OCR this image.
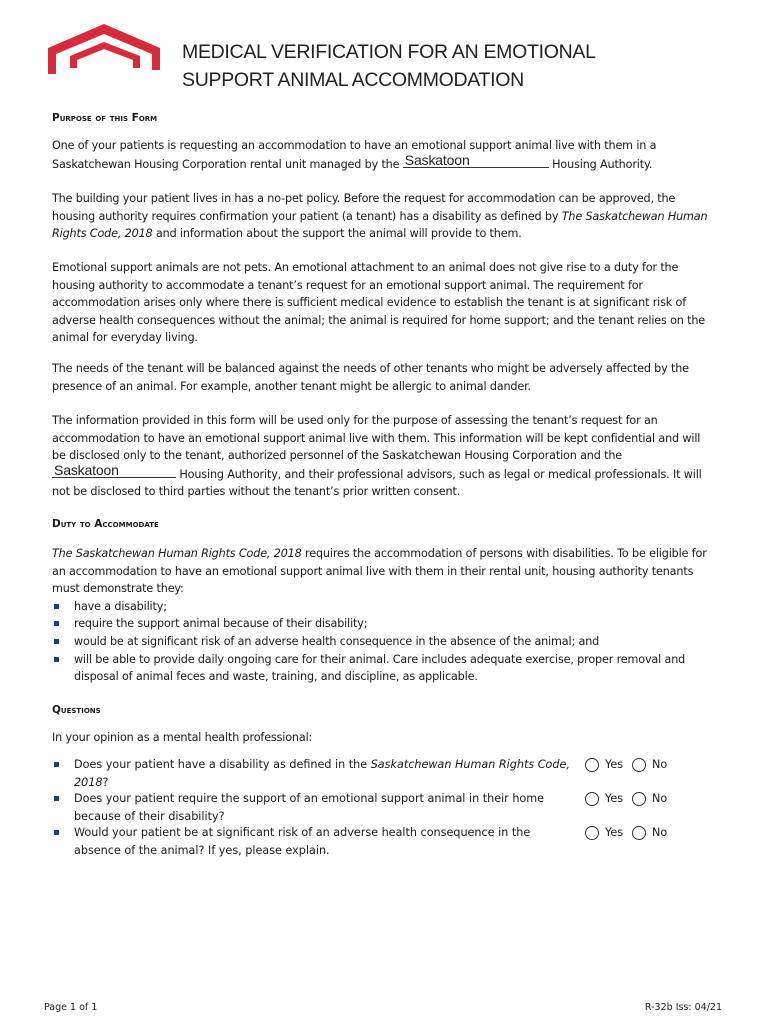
MEDICAL VERIFICATION FOR AN EMOTIONAL
SUPPORT ANIMAL ACCOMMODATION
Purpose of this Form
One of your patients is requesting an accommodation to have an emotional support animal live with them in a
Saskatchewan Housing Corporation rental unit managed by the Saskatoon	Housing Authority.
The building your patient lives in has a no-pet policy. Before the request for accommodation can be approved, the housing authority requires confirmation your patient (a tenant) has a disability as defined by The Saskatchewan Human Rights Code, 2018 and information about the support the animal will provide to them.
Emotional support animals are not pets. An emotional attachment to an animal does not give rise to a duty for the housing authority to accommodate a tenant’s request for an emotional support animal. The requirement for accommodation arises only where there is sufficient medical evidence to establish the tenant is at significant risk of adverse health consequences without the animal; the animal is required for home support; and the tenant relies on the animal for everyday living.
The needs of the tenant will be balanced against the needs of other tenants who might be adversely affected by the presence of an animal. For example, another tenant might be allergic to animal dander.
The information provided in this form will be used only for the purpose of assessing the tenant’s request for an accommodation to have an emotional support animal live with them. This information will be kept confidential and will be disclosed only to the tenant, authorized personnel of the Saskatchewan Housing Corporation and the
Saskatoon	Housing Authority, and their professional advisors, such as legal or medical professionals. It will not be disclosed to third parties without the tenant’s prior written consent.
Duty to Accommodate
The Saskatchewan Human Rights Code, 2018 requires the accommodation of persons with disabilities. To be eligible for an accommodation to have an emotional support animal live with them in their rental unit, housing authority tenants must demonstrate they:
have a disability;
require the support animal because of their disability;
would be at significant risk of an adverse health consequence in the absence of the animal; and
will be able to provide daily ongoing care for their animal. Care includes adequate exercise, proper removal and disposal of animal feces and waste, training, and discipline, as applicable.
Questions
In your opinion as a mental health professional:
Does your patient have a disability as defined in the Saskatchewan Human Rights Code, 2018?
Yes	No
Does your patient require the support of an emotional support animal in their home because of their disability?
Yes	No
Would your patient be at significant risk of an adverse health consequence in the absence of the animal? If yes, please explain.
Yes	No
Page 1 of 1	R-32b Iss: 04/21
